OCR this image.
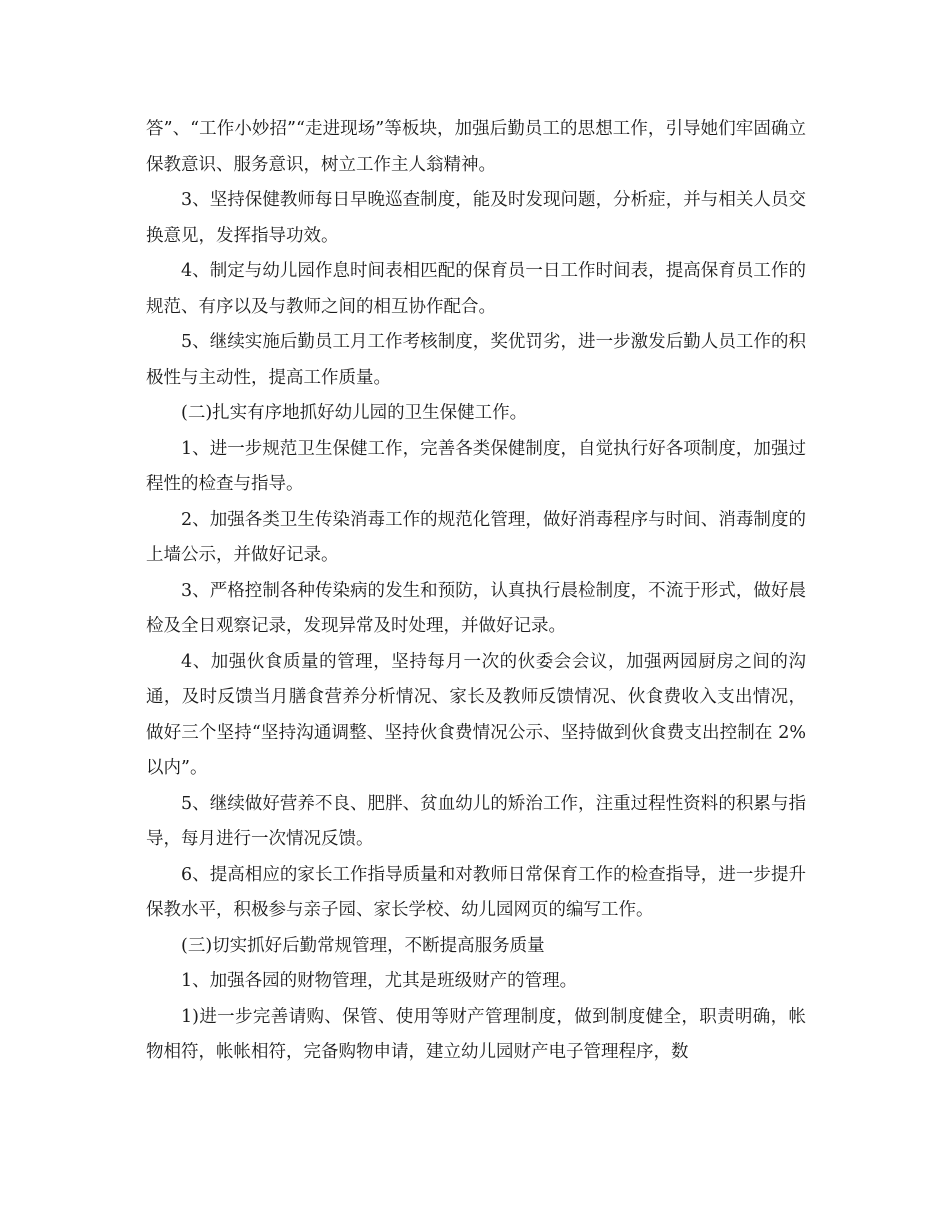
答”、“工作小妙招”“走进现场”等板块，加强后勤员工的思想工作，引导她们牢固确立保教意识、服务意识，树立工作主人翁精神。

3、坚持保健教师每日早晚巡查制度，能及时发现问题，分析症，并与相关人员交换意见，发挥指导功效。

4、制定与幼儿园作息时间表相匹配的保育员一日工作时间表，提高保育员工作的规范、有序以及与教师之间的相互协作配合。

5、继续实施后勤员工月工作考核制度，奖优罚劣，进一步激发后勤人员工作的积极性与主动性，提高工作质量。

(二)扎实有序地抓好幼儿园的卫生保健工作。

1、进一步规范卫生保健工作，完善各类保健制度，自觉执行好各项制度，加强过程性的检查与指导。

2、加强各类卫生传染消毒工作的规范化管理，做好消毒程序与时间、消毒制度的上墙公示，并做好记录。

3、严格控制各种传染病的发生和预防，认真执行晨检制度，不流于形式，做好晨检及全日观察记录，发现异常及时处理，并做好记录。

4、加强伙食质量的管理，坚持每月一次的伙委会会议，加强两园厨房之间的沟通，及时反馈当月膳食营养分析情况、家长及教师反馈情况、伙食费收入支出情况，做好三个坚持“坚持沟通调整、坚持伙食费情况公示、坚持做到伙食费支出控制在 2%以内”。

5、继续做好营养不良、肥胖、贫血幼儿的矫治工作，注重过程性资料的积累与指导，每月进行一次情况反馈。

6、提高相应的家长工作指导质量和对教师日常保育工作的检查指导，进一步提升保教水平，积极参与亲子园、家长学校、幼儿园网页的编写工作。

(三)切实抓好后勤常规管理，不断提高服务质量

1、加强各园的财物管理，尤其是班级财产的管理。

1)进一步完善请购、保管、使用等财产管理制度，做到制度健全，职责明确，帐物相符，帐帐相符，完备购物申请，建立幼儿园财产电子管理程序，数
